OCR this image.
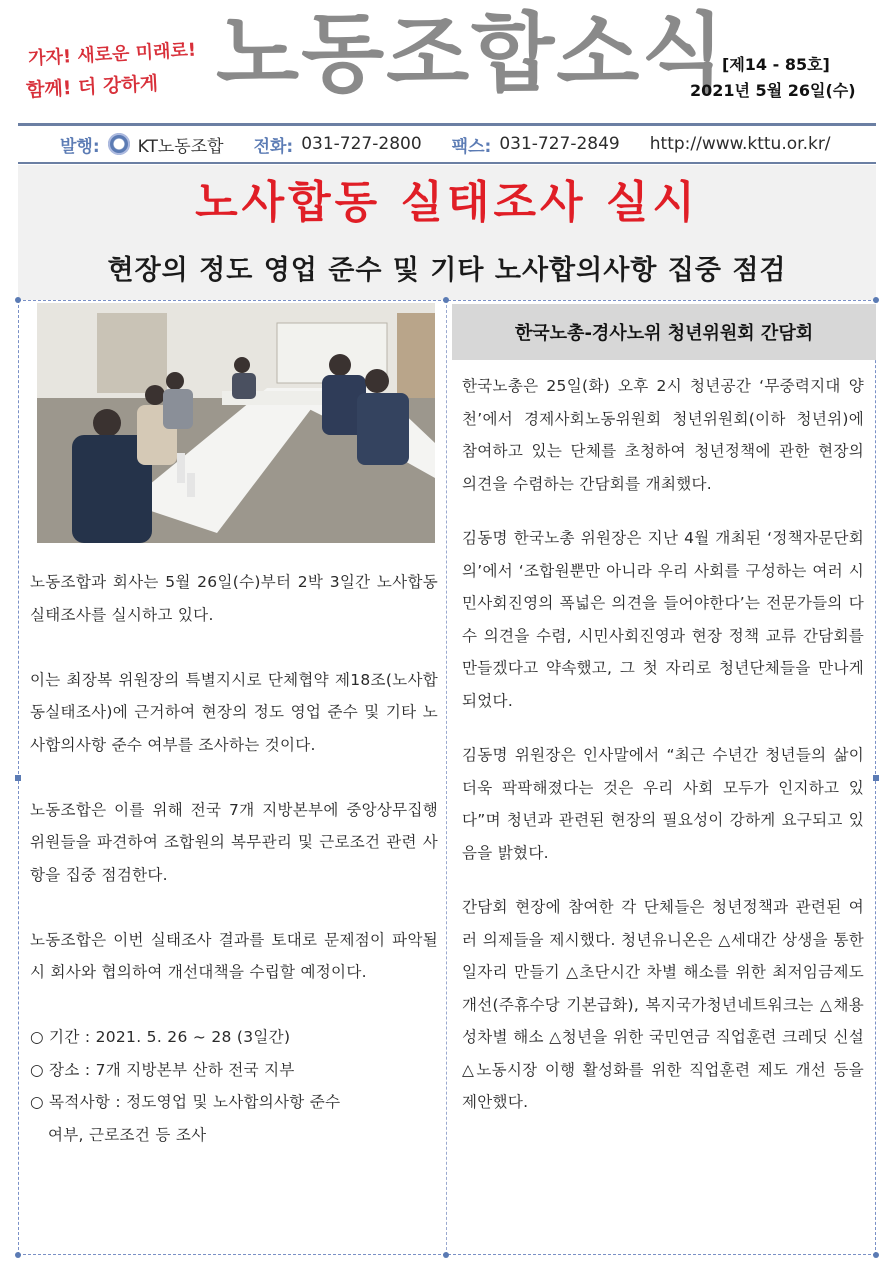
가자! 새로운 미래로!
함께! 더 강하게 노동조합소식
[제14 - 85호]
2021년 5월 26일(수)
발행: KT노동조합 전화: 031-727-2800 팩스: 031-727-2849 http://www.kttu.or.kr/
노사합동 실태조사 실시
현장의 정도 영업 준수 및 기타 노사합의사항 집중 점검

노동조합과 회사는 5월 26일(수)부터 2박 3일간 노사합동 실태조사를 실시하고 있다.

이는 최장복 위원장의 특별지시로 단체협약 제18조(노사합동실태조사)에 근거하여 현장의 정도 영업 준수 및 기타 노사합의사항 준수 여부를 조사하는 것이다.

노동조합은 이를 위해 전국 7개 지방본부에 중앙상무집행위원들을 파견하여 조합원의 복무관리 및 근로조건 관련 사항을 집중 점검한다.

노동조합은 이번 실태조사 결과를 토대로 문제점이 파악될 시 회사와 협의하여 개선대책을 수립할 예정이다.

○ 기간 : 2021. 5. 26 ~ 28 (3일간)
○ 장소 : 7개 지방본부 산하 전국 지부
○ 목적사항 : 정도영업 및 노사합의사항 준수
여부, 근로조건 등 조사
한국노총-경사노위 청년위원회 간담회

한국노총은 25일(화) 오후 2시 청년공간 ‘무중력지대 양천’에서 경제사회노동위원회 청년위원회(이하 청년위)에 참여하고 있는 단체를 초청하여 청년정책에 관한 현장의 의견을 수렴하는 간담회를 개최했다.

김동명 한국노총 위원장은 지난 4월 개최된 ‘정책자문단회의’에서 ‘조합원뿐만 아니라 우리 사회를 구성하는 여러 시민사회진영의 폭넓은 의견을 들어야한다’는 전문가들의 다수 의견을 수렴, 시민사회진영과 현장 정책 교류 간담회를 만들겠다고 약속했고, 그 첫 자리로 청년단체들을 만나게 되었다.

김동명 위원장은 인사말에서 “최근 수년간 청년들의 삶이 더욱 팍팍해졌다는 것은 우리 사회 모두가 인지하고 있다”며 청년과 관련된 현장의 필요성이 강하게 요구되고 있음을 밝혔다.

간담회 현장에 참여한 각 단체들은 청년정책과 관련된 여러 의제들을 제시했다. 청년유니온은 △세대간 상생을 통한 일자리 만들기 △초단시간 차별 해소를 위한 최저임금제도 개선(주휴수당 기본급화), 복지국가청년네트워크는 △채용 성차별 해소 △청년을 위한 국민연금 직업훈련 크레딧 신설 △노동시장 이행 활성화를 위한 직업훈련 제도 개선 등을 제안했다.
